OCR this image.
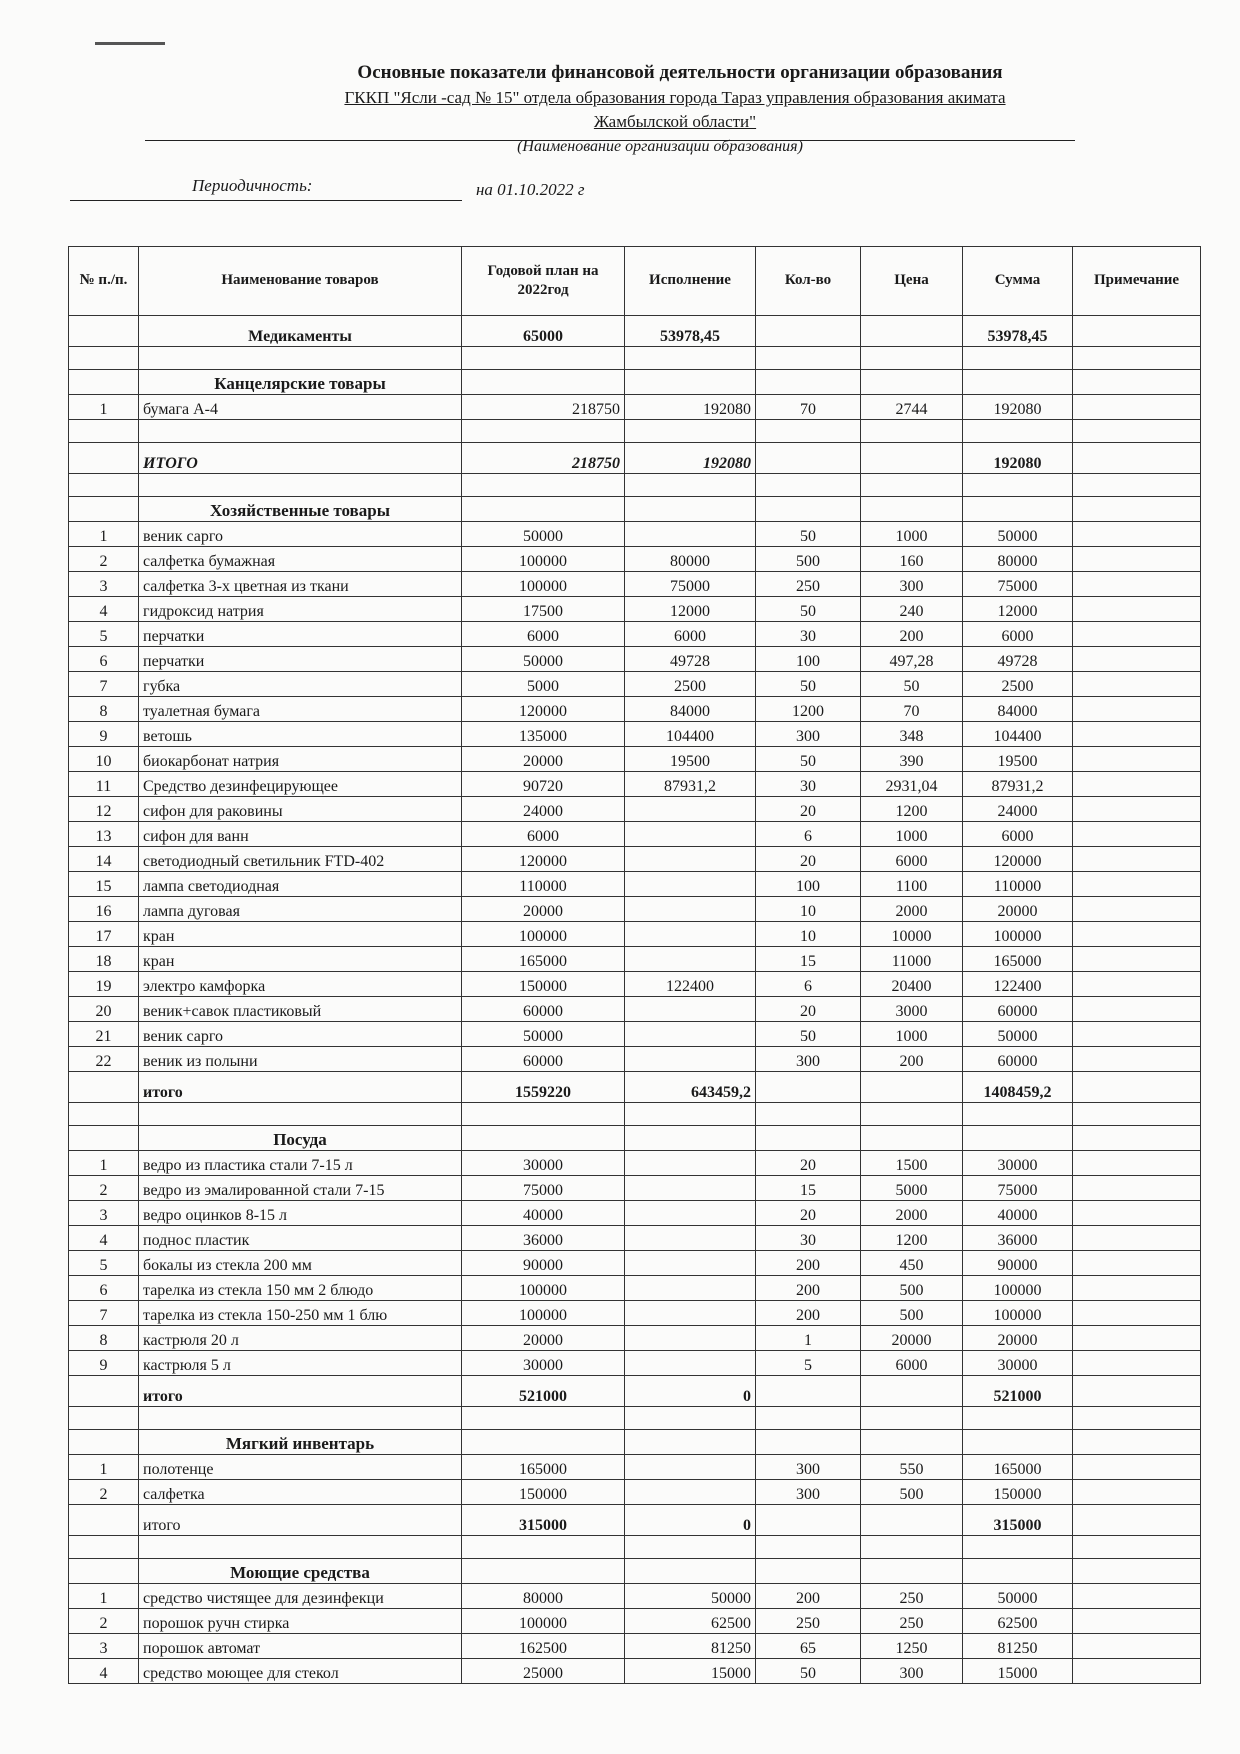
Основные показатели финансовой деятельности организации образования
ГККП "Ясли -сад № 15" отдела образования города Тараз управления образования акимата
Жамбылской области"
(Наименование организации образования)
Периодичность:	на 01.10.2022 г
№ п./п.	Наименование товаров	Годовой план на 2022год	Исполнение	Кол-во	Цена	Сумма	Примечание
	Медикаменты	65000	53978,45			53978,45	

	Канцелярские товары						
1	бумага А-4	218750	192080	70	2744	192080	

	ИТОГО	218750	192080			192080	

	Хозяйственные товары						
1	веник сарго	50000		50	1000	50000	
2	салфетка бумажная	100000	80000	500	160	80000	
3	салфетка 3-х цветная из ткани	100000	75000	250	300	75000	
4	гидроксид натрия	17500	12000	50	240	12000	
5	перчатки	6000	6000	30	200	6000	
6	перчатки	50000	49728	100	497,28	49728	
7	губка	5000	2500	50	50	2500	
8	туалетная бумага	120000	84000	1200	70	84000	
9	ветошь	135000	104400	300	348	104400	
10	биокарбонат натрия	20000	19500	50	390	19500	
11	Средство дезинфецирующее	90720	87931,2	30	2931,04	87931,2	
12	сифон для раковины	24000		20	1200	24000	
13	сифон для ванн	6000		6	1000	6000	
14	светодиодный светильник FTD-402	120000		20	6000	120000	
15	лампа светодиодная	110000		100	1100	110000	
16	лампа дуговая	20000		10	2000	20000	
17	кран	100000		10	10000	100000	
18	кран	165000		15	11000	165000	
19	электро камфорка	150000	122400	6	20400	122400	
20	веник+савок пластиковый	60000		20	3000	60000	
21	веник сарго	50000		50	1000	50000	
22	веник из полыни	60000		300	200	60000	
	итого	1559220	643459,2			1408459,2	

	Посуда						
1	ведро из пластика стали 7-15 л	30000		20	1500	30000	
2	ведро из эмалированной стали 7-15	75000		15	5000	75000	
3	ведро оцинков 8-15 л	40000		20	2000	40000	
4	поднос пластик	36000		30	1200	36000	
5	бокалы из стекла 200 мм	90000		200	450	90000	
6	тарелка из стекла 150 мм 2 блюдо	100000		200	500	100000	
7	тарелка из стекла 150-250 мм 1 блю	100000		200	500	100000	
8	кастрюля 20 л	20000		1	20000	20000	
9	кастрюля 5 л	30000		5	6000	30000	
	итого	521000	0			521000	

	Мягкий инвентарь						
1	полотенце	165000		300	550	165000	
2	салфетка	150000		300	500	150000	
	итого	315000	0			315000	

	Моющие средства						
1	средство чистящее для дезинфекци	80000	50000	200	250	50000	
2	порошок ручн стирка	100000	62500	250	250	62500	
3	порошок автомат	162500	81250	65	1250	81250	
4	средство моющее для стекол	25000	15000	50	300	15000	
